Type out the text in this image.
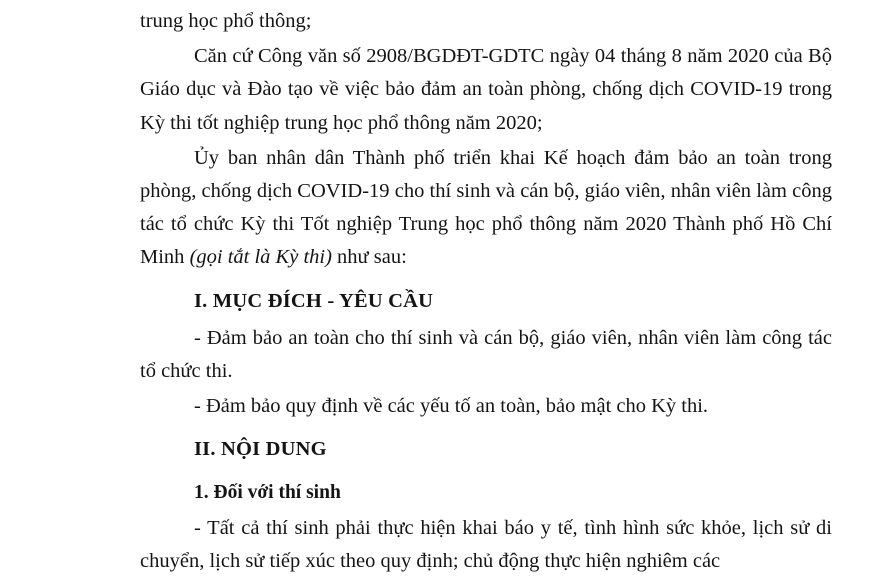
trung học phổ thông;

Căn cứ Công văn số 2908/BGDĐT-GDTC ngày 04 tháng 8 năm 2020 của Bộ Giáo dục và Đào tạo về việc bảo đảm an toàn phòng, chống dịch COVID-19 trong Kỳ thi tốt nghiệp trung học phổ thông năm 2020;

Ủy ban nhân dân Thành phố triển khai Kế hoạch đảm bảo an toàn trong phòng, chống dịch COVID-19 cho thí sinh và cán bộ, giáo viên, nhân viên làm công tác tổ chức Kỳ thi Tốt nghiệp Trung học phổ thông năm 2020 Thành phố Hồ Chí Minh (gọi tắt là Kỳ thi) như sau:

I. MỤC ĐÍCH - YÊU CẦU

- Đảm bảo an toàn cho thí sinh và cán bộ, giáo viên, nhân viên làm công tác tổ chức thi.

- Đảm bảo quy định về các yếu tố an toàn, bảo mật cho Kỳ thi.

II. NỘI DUNG

1. Đối với thí sinh

- Tất cả thí sinh phải thực hiện khai báo y tế, tình hình sức khỏe, lịch sử di chuyển, lịch sử tiếp xúc theo quy định; chủ động thực hiện nghiêm các
